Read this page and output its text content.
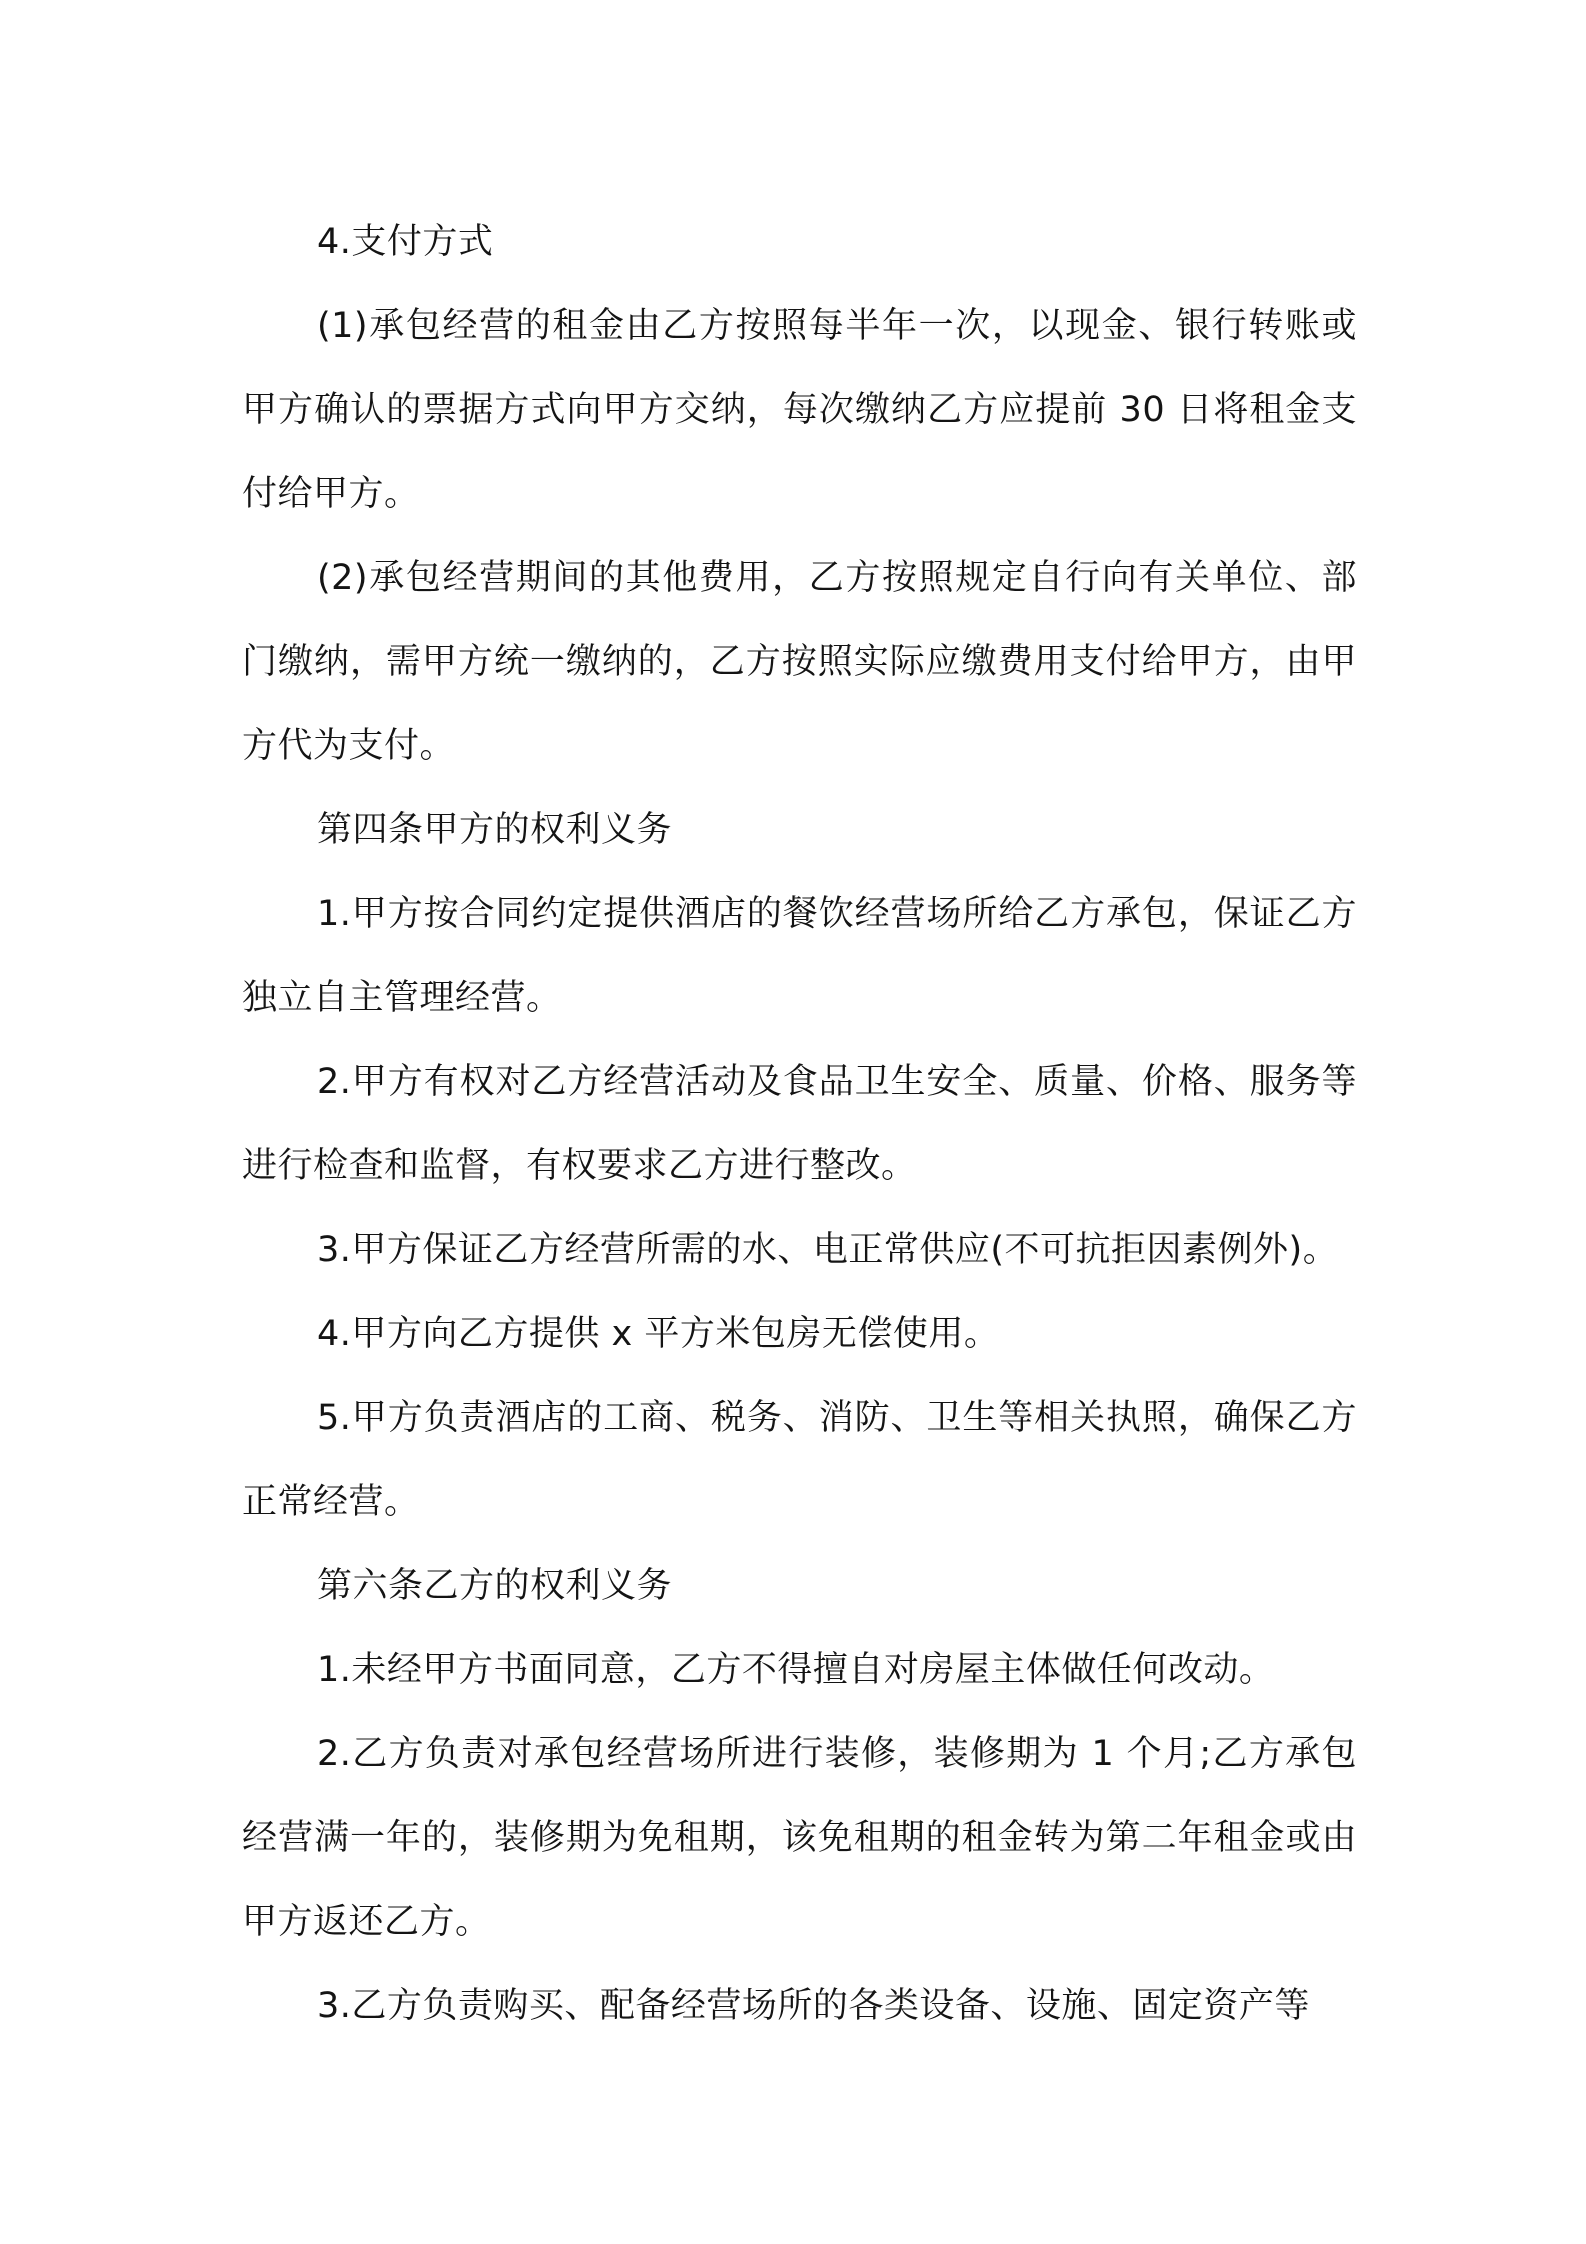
4.支付方式

(1)承包经营的租金由乙方按照每半年一次，以现金、银行转账或甲方确认的票据方式向甲方交纳，每次缴纳乙方应提前 30 日将租金支付给甲方。

(2)承包经营期间的其他费用，乙方按照规定自行向有关单位、部门缴纳，需甲方统一缴纳的，乙方按照实际应缴费用支付给甲方，由甲方代为支付。

第四条甲方的权利义务

1.甲方按合同约定提供酒店的餐饮经营场所给乙方承包，保证乙方独立自主管理经营。

2.甲方有权对乙方经营活动及食品卫生安全、质量、价格、服务等进行检查和监督，有权要求乙方进行整改。

3.甲方保证乙方经营所需的水、电正常供应(不可抗拒因素例外)。

4.甲方向乙方提供 x 平方米包房无偿使用。

5.甲方负责酒店的工商、税务、消防、卫生等相关执照，确保乙方正常经营。

第六条乙方的权利义务

1.未经甲方书面同意，乙方不得擅自对房屋主体做任何改动。

2.乙方负责对承包经营场所进行装修，装修期为 1 个月;乙方承包经营满一年的，装修期为免租期，该免租期的租金转为第二年租金或由甲方返还乙方。

3.乙方负责购买、配备经营场所的各类设备、设施、固定资产等
